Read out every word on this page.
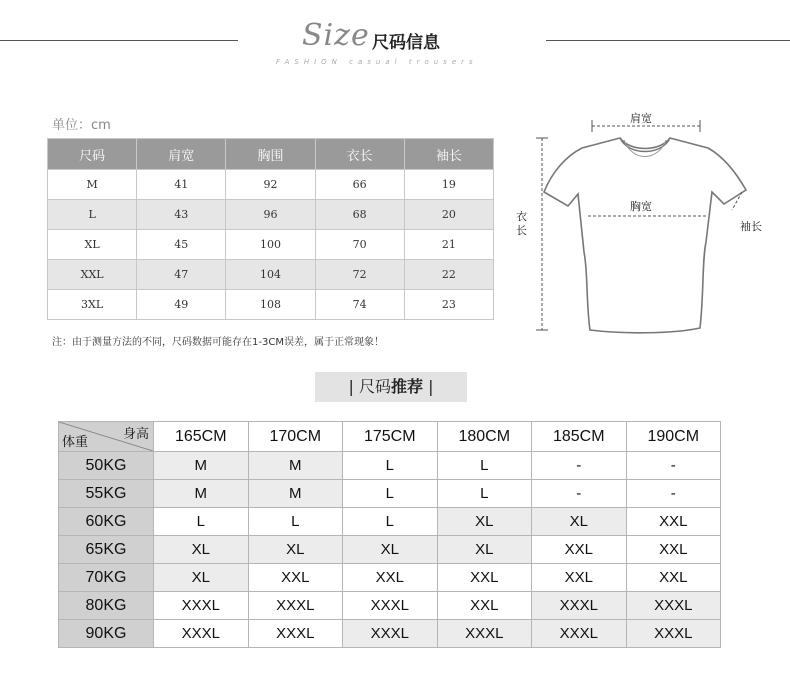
Size 尺码信息
FASHION casual trousers
单位：cm
尺码	肩宽	胸围	衣长	袖长
M	41	92	66	19
L	43	96	68	20
XL	45	100	70	21
XXL	47	104	72	22
3XL	49	108	74	23
注：由于测量方法的不同，尺码数据可能存在1-3CM误差，属于正常现象！
肩宽
胸宽
衣长	袖长
| 尺码推荐 |
身高
体重	165CM	170CM	175CM	180CM	185CM	190CM
50KG	M	M	L	L	-	-
55KG	M	M	L	L	-	-
60KG	L	L	L	XL	XL	XXL
65KG	XL	XL	XL	XL	XXL	XXL
70KG	XL	XXL	XXL	XXL	XXL	XXL
80KG	XXXL	XXXL	XXXL	XXL	XXXL	XXXL
90KG	XXXL	XXXL	XXXL	XXXL	XXXL	XXXL
